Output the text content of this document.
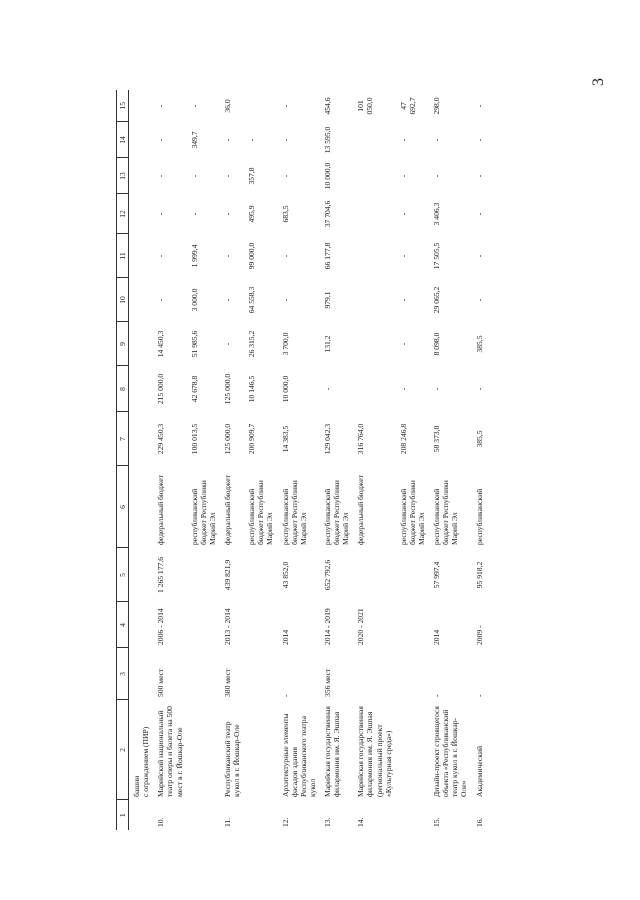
3
1	2	3	4	5	6	7	8	9	10	11	12	13	14	15
	башни
с ограждением (ПИР)													
10.	Марийский национальный театр оперы и балета на 500 мест в г. Йошкар-Оле	500 мест	2006 - 2014	1 265 177,6	федеральный бюджет	229 450,3	215 000,0	14 450,3	-	-	-	-	-	-
					республиканский бюджет Республики Марий Эл	100 013,5	42 678,8	51 985,6	3 000,0	1 999,4	-	-	349,7	-
11.	Республиканский театр кукол в г. Йошкар-Оле	380 мест	2013 - 2014	439 821,9	федеральный бюджет	125 000,0	125 000,0	-	-	-	-	-	-	36,0
					республиканский бюджет Республики Марий Эл	200 909,7	10 146,5	26 315,2	64 558,3	99 000,0	495,9	357,8	-	
12.	Архитектурные элементы фасадов здания Республиканского театра кукол	-	2014	43 852,0	республиканский бюджет Республики Марий Эл	14 383,5	10 000,0	3 700,0	-	-	683,5	-	-	-
13.	Марийская государственная филармония им. Я. Эшпая	356 мест	2014 - 2019	652 792,6	республиканский бюджет Республики Марий Эл	129 042,3	-	131,2	979,1	66 177,8	37 704,6	10 000,0	13 595,0	454,6
14.	Марийская государственная филармония им. Я. Эшпая (региональный проект «Культурная среда»)		2020 - 2021		федеральный бюджет	316 764,0								101 050,0
					республиканский бюджет Республики Марий Эл	208 246,8	-	-	-	-	-	-	-	47 692,7
15.	Дизайн-проект строящегося объекта «Республиканский театр кукол в г. Йошкар-Оле»	-	2014	57 997,4	республиканский бюджет Республики Марий Эл	58 373,0	-	8 098,0	29 065,2	17 505,5	3 406,3	-	-	298,0
16.	Академический	-	2009 -	95 918,2	республиканский	385,5	-	385,5	-	-	-	-	-	-
